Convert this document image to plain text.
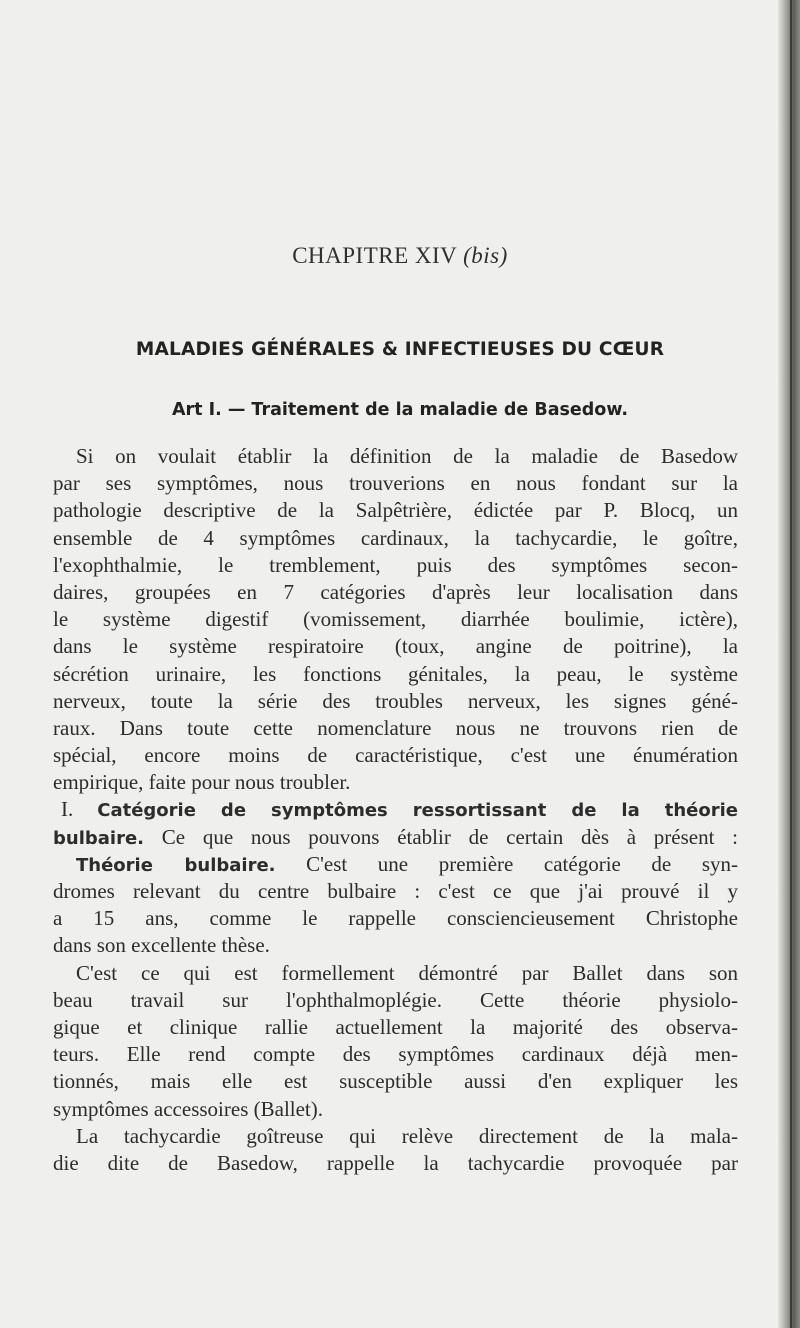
CHAPITRE XIV (bis)
MALADIES GÉNÉRALES & INFECTIEUSES DU CŒUR
Art I. — Traitement de la maladie de Basedow.
Si on voulait établir la définition de la maladie de Basedow
par ses symptômes, nous trouverions en nous fondant sur la
pathologie descriptive de la Salpêtrière, édictée par P. Blocq, un
ensemble de 4 symptômes cardinaux, la tachycardie, le goître,
l'exophthalmie, le tremblement, puis des symptômes secon-
daires, groupées en 7 catégories d'après leur localisation dans
le système digestif (vomissement, diarrhée boulimie, ictère),
dans le système respiratoire (toux, angine de poitrine), la
sécrétion urinaire, les fonctions génitales, la peau, le système
nerveux, toute la série des troubles nerveux, les signes géné-
raux. Dans toute cette nomenclature nous ne trouvons rien de
spécial, encore moins de caractéristique, c'est une énumération
empirique, faite pour nous troubler.
I. Catégorie de symptômes ressortissant de la théorie
bulbaire. Ce que nous pouvons établir de certain dès à présent :
Théorie bulbaire. C'est une première catégorie de syn-
dromes relevant du centre bulbaire : c'est ce que j'ai prouvé il y
a 15 ans, comme le rappelle consciencieusement Christophe
dans son excellente thèse.
C'est ce qui est formellement démontré par Ballet dans son
beau travail sur l'ophthalmoplégie. Cette théorie physiolo-
gique et clinique rallie actuellement la majorité des observa-
teurs. Elle rend compte des symptômes cardinaux déjà men-
tionnés, mais elle est susceptible aussi d'en expliquer les
symptômes accessoires (Ballet).
La tachycardie goîtreuse qui relève directement de la mala-
die dite de Basedow, rappelle la tachycardie provoquée par
